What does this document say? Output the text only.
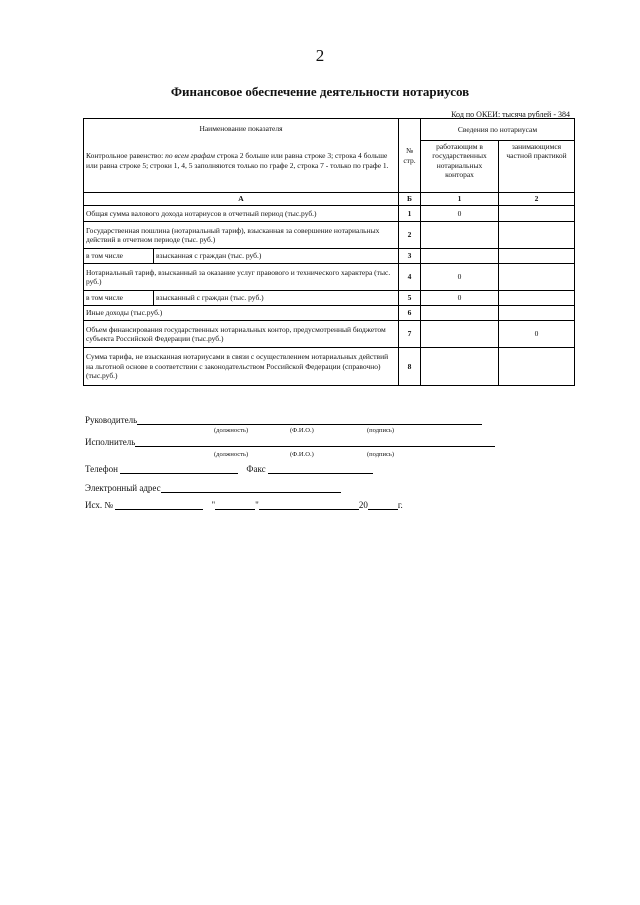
2
Финансовое обеспечение деятельности нотариусов
Код по ОКЕИ: тысяча рублей - 384
Наименование показателя
Контрольное равенство: по всем графам строка 2 больше или равна строке 3; строка 4 больше или равна строке 5; строки 1, 4, 5 заполняются только по графе 2, строка 7 - только по графе 1.		№ стр.	Сведения по нотариусам	
			работающим в государственных нотариальных конторах	занимающимся частной практикой
А		Б	1	2
Общая сумма валового дохода нотариусов в отчетный период (тыс.руб.)		1	0	
Государственная пошлина (нотариальный тариф), взысканная за совершение нотариальных действий в отчетном периоде (тыс. руб.)		2		
в том числе	взысканная с граждан (тыс. руб.)	3		
Нотариальный тариф, взысканный за оказание услуг правового и технического характера (тыс. руб.)		4	0	
в том числе	взысканный с граждан (тыс. руб.)	5	0	
Иные доходы (тыс.руб.)		6		
Объем финансирования государственных нотариальных контор, предусмотренный бюджетом субъекта Российской Федерации (тыс.руб.)		7		0
Сумма тарифа, не взысканная нотариусами в связи с осуществлением нотариальных действий на льготной основе в соответствии с законодательством Российской Федерации (справочно) (тыс.руб.)		8		
Руководитель
(должность)	(Ф.И.О.)	(подпись)
Исполнитель
(должность)	(Ф.И.О.)	(подпись)
Телефон	Факс
Электронный адрес
Исх. №	"	"	20	г.
